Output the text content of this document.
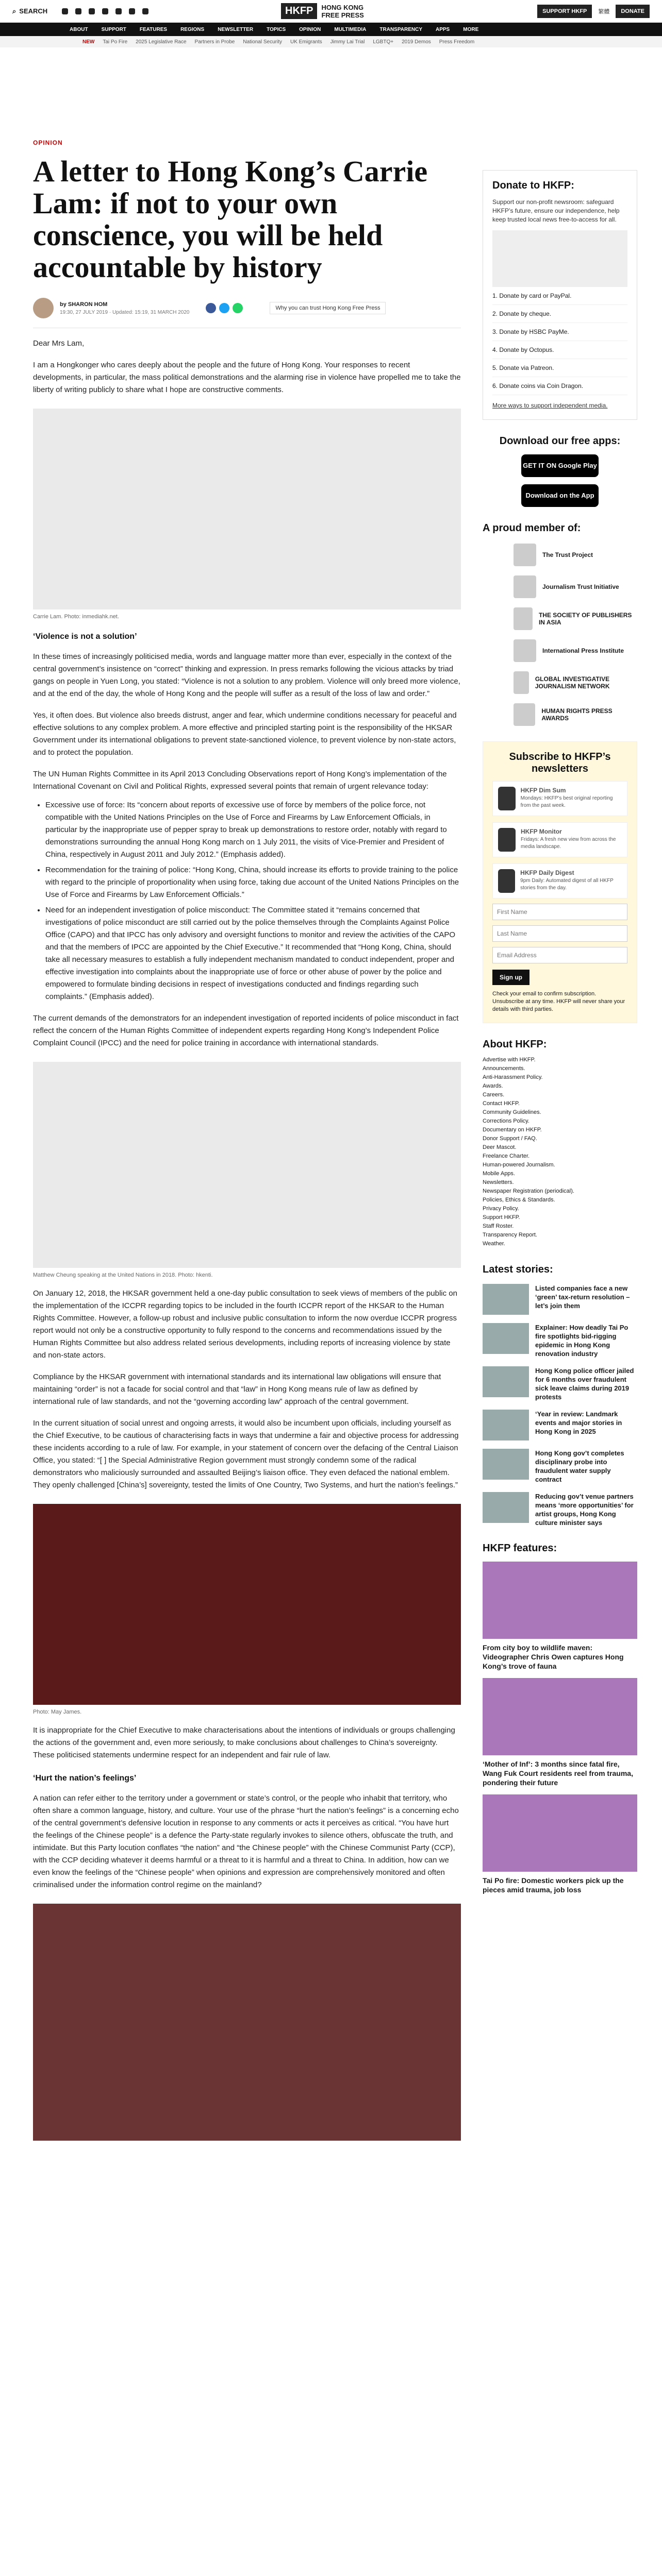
⌕ SEARCH	SUPPORT HKFP	繁體	DONATE
HKFP	HONG KONG
FREE PRESS
ABOUT	SUPPORT	FEATURES	REGIONS	NEWSLETTER	TOPICS	OPINION	MULTIMEDIA	TRANSPARENCY	APPS	MORE
NEW Tai Po Fire 2025 Legislative Race Partners in Probe National Security UK Emigrants Jimmy Lai Trial LGBTQ+ 2019 Demos Press Freedom
OPINION
A letter to Hong Kong’s Carrie Lam: if not to your own conscience, you will be held accountable by history
by SHARON HOM
19:30, 27 JULY 2019 · Updated: 15:19, 31 MARCH 2020
Why you can trust Hong Kong Free Press

Dear Mrs Lam,

I am a Hongkonger who cares deeply about the people and the future of Hong Kong. Your responses to recent developments, in particular, the mass political demonstrations and the alarming rise in violence have propelled me to take the liberty of writing publicly to share what I hope are constructive comments.

Carrie Lam. Photo: inmediahk.net.
‘Violence is not a solution’

In these times of increasingly politicised media, words and language matter more than ever, especially in the context of the central government’s insistence on “correct” thinking and expression. In press remarks following the vicious attacks by triad gangs on people in Yuen Long, you stated: “Violence is not a solution to any problem. Violence will only breed more violence, and at the end of the day, the whole of Hong Kong and the people will suffer as a result of the loss of law and order.”

Yes, it often does. But violence also breeds distrust, anger and fear, which undermine conditions necessary for peaceful and effective solutions to any complex problem. A more effective and principled starting point is the responsibility of the HKSAR Government under its international obligations to prevent state-sanctioned violence, to prevent violence by non-state actors, and to protect the population.

The UN Human Rights Committee in its April 2013 Concluding Observations report of Hong Kong’s implementation of the International Covenant on Civil and Political Rights, expressed several points that remain of urgent relevance today:

• Excessive use of force: Its “concern about reports of excessive use of force by members of the police force, not compatible with the United Nations Principles on the Use of Force and Firearms by Law Enforcement Officials, in particular by the inappropriate use of pepper spray to break up demonstrations to restore order, notably with regard to demonstrations surrounding the annual Hong Kong march on 1 July 2011, the visits of Vice-Premier and President of China, respectively in August 2011 and July 2012.” (Emphasis added).
• Recommendation for the training of police: “Hong Kong, China, should increase its efforts to provide training to the police with regard to the principle of proportionality when using force, taking due account of the United Nations Principles on the Use of Force and Firearms by Law Enforcement Officials.”
• Need for an independent investigation of police misconduct: The Committee stated it “remains concerned that investigations of police misconduct are still carried out by the police themselves through the Complaints Against Police Office (CAPO) and that IPCC has only advisory and oversight functions to monitor and review the activities of the CAPO and that the members of IPCC are appointed by the Chief Executive.” It recommended that “Hong Kong, China, should take all necessary measures to establish a fully independent mechanism mandated to conduct independent, proper and effective investigation into complaints about the inappropriate use of force or other abuse of power by the police and empowered to formulate binding decisions in respect of investigations conducted and findings regarding such complaints.” (Emphasis added).

The current demands of the demonstrators for an independent investigation of reported incidents of police misconduct in fact reflect the concern of the Human Rights Committee of independent experts regarding Hong Kong’s Independent Police Complaint Council (IPCC) and the need for police training in accordance with international standards.

Matthew Cheung speaking at the United Nations in 2018. Photo: hkenti.

On January 12, 2018, the HKSAR government held a one-day public consultation to seek views of members of the public on the implementation of the ICCPR regarding topics to be included in the fourth ICCPR report of the HKSAR to the Human Rights Committee. However, a follow-up robust and inclusive public consultation to inform the now overdue ICCPR progress report would not only be a constructive opportunity to fully respond to the concerns and recommendations issued by the Human Rights Committee but also address related serious developments, including reports of increasing violence by state and non-state actors.

Compliance by the HKSAR government with international standards and its international law obligations will ensure that maintaining “order” is not a facade for social control and that “law” in Hong Kong means rule of law as defined by international rule of law standards, and not the “governing according law” approach of the central government.

In the current situation of social unrest and ongoing arrests, it would also be incumbent upon officials, including yourself as the Chief Executive, to be cautious of characterising facts in ways that undermine a fair and objective process for addressing these incidents according to a rule of law. For example, in your statement of concern over the defacing of the Central Liaison Office, you stated: “[ ] the Special Administrative Region government must strongly condemn some of the radical demonstrators who maliciously surrounded and assaulted Beijing’s liaison office. They even defaced the national emblem. They openly challenged [China’s] sovereignty, tested the limits of One Country, Two Systems, and hurt the nation’s feelings.”

Photo: May James.

It is inappropriate for the Chief Executive to make characterisations about the intentions of individuals or groups challenging the actions of the government and, even more seriously, to make conclusions about challenges to China’s sovereignty. These politicised statements undermine respect for an independent and fair rule of law.

‘Hurt the nation’s feelings’

A nation can refer either to the territory under a government or state’s control, or the people who inhabit that territory, who often share a common language, history, and culture. Your use of the phrase “hurt the nation’s feelings” is a concerning echo of the central government’s defensive locution in response to any comments or acts it perceives as critical. “You have hurt the feelings of the Chinese people” is a defence the Party-state regularly invokes to silence others, obfuscate the truth, and intimidate. But this Party locution conflates “the nation” and “the Chinese people” with the Chinese Communist Party (CCP), with the CCP deciding whatever it deems harmful or a threat to it is harmful and a threat to China. In addition, how can we even know the feelings of the “Chinese people” when opinions and expression are comprehensively monitored and often criminalised under the information control regime on the mainland?

Donate to HKFP:

Support our non-profit newsroom: safeguard HKFP’s future, ensure our independence, help keep trusted local news free-to-access for all.

1. Donate by card or PayPal.
2. Donate by cheque.
3. Donate by HSBC PayMe.
4. Donate by Octopus.
5. Donate via Patreon.
6. Donate coins via Coin Dragon.

More ways to support independent media.

Download our free apps:
GET IT ON Google Play
Download on the App Store
A proud member of:
The Trust Project
Journalism Trust Initiative
THE SOCIETY OF PUBLISHERS IN ASIA
International Press Institute
GLOBAL INVESTIGATIVE JOURNALISM NETWORK
HUMAN RIGHTS PRESS AWARDS
Subscribe to HKFP’s newsletters
HKFP Dim Sum
Mondays: HKFP’s best original reporting from the past week.
HKFP Monitor
Fridays: A fresh new view from across the media landscape.
HKFP Daily Digest
9pm Daily: Automated digest of all HKFP stories from the day.
First Name Last Name Email Address Sign up

Check your email to confirm subscription. Unsubscribe at any time. HKFP will never share your details with third parties.

About HKFP:
Advertise with HKFP.
Announcements.
Anti-Harassment Policy.
Awards.
Careers.
Contact HKFP.
Community Guidelines.
Corrections Policy.
Documentary on HKFP.
Donor Support / FAQ.
Deer Mascot.
Freelance Charter.
Human-powered Journalism.
Mobile Apps.
Newsletters.
Newspaper Registration (periodical).
Policies, Ethics & Standards.
Privacy Policy.
Support HKFP.
Staff Roster.
Transparency Report.
Weather.
Latest stories:
Listed companies face a new ‘green’ tax-return resolution – let’s join them
Explainer: How deadly Tai Po fire spotlights bid-rigging epidemic in Hong Kong renovation industry
Hong Kong police officer jailed for 6 months over fraudulent sick leave claims during 2019 protests
‘Year in review: Landmark events and major stories in Hong Kong in 2025
Hong Kong gov’t completes disciplinary probe into fraudulent water supply contract
Reducing gov’t venue partners means ‘more opportunities’ for artist groups, Hong Kong culture minister says
HKFP features:
From city boy to wildlife maven: Videographer Chris Owen captures Hong Kong’s trove of fauna
‘Mother of Inf’: 3 months since fatal fire, Wang Fuk Court residents reel from trauma, pondering their future
Tai Po fire: Domestic workers pick up the pieces amid trauma, job loss
